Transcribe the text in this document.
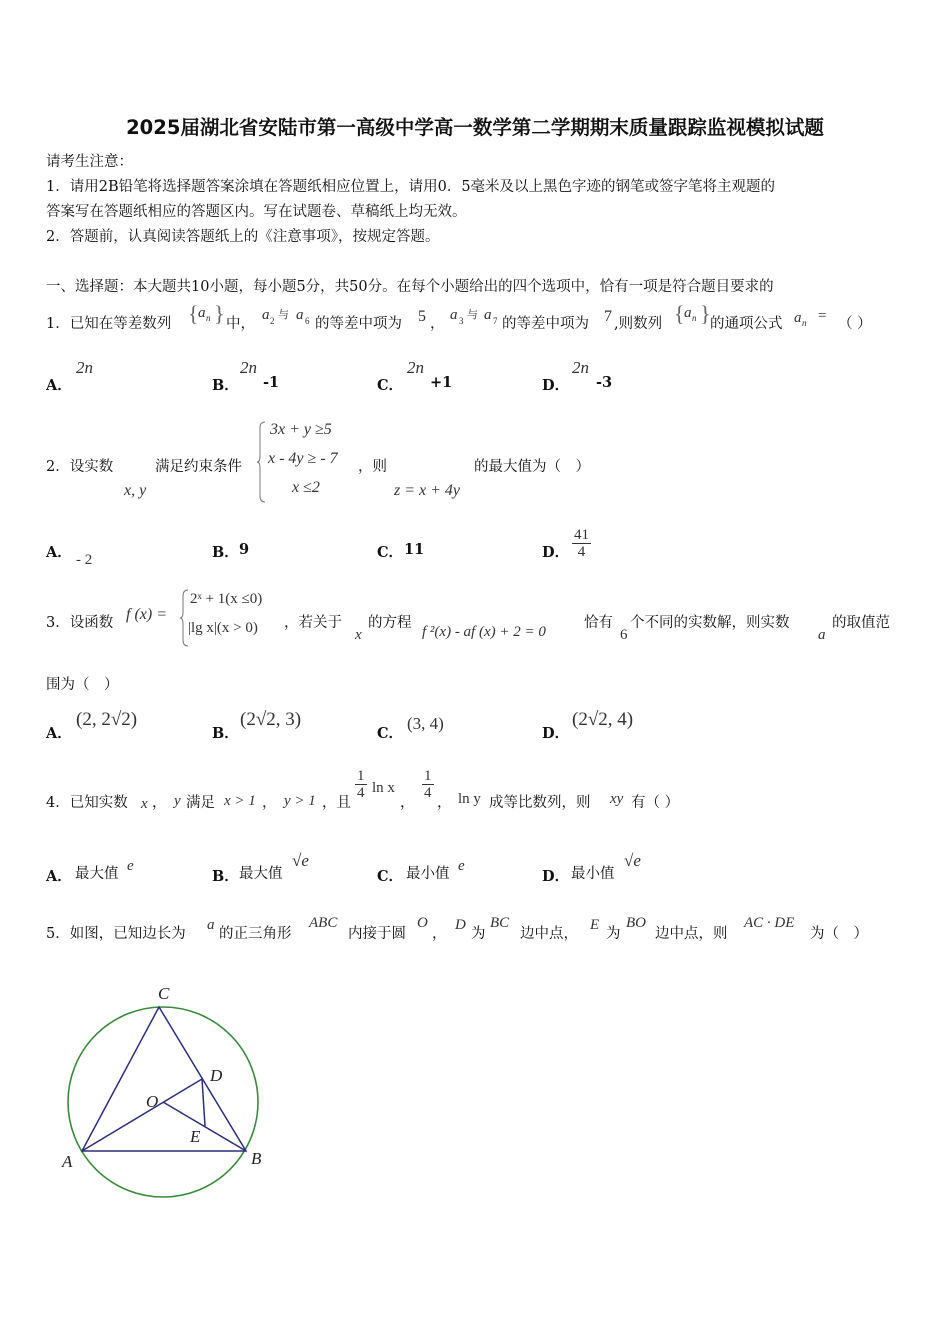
2025届湖北省安陆市第一高级中学高一数学第二学期期末质量跟踪监视模拟试题
请考生注意：
1．请用2B铅笔将选择题答案涂填在答题纸相应位置上，请用0．5毫米及以上黑色字迹的钢笔或签字笔将主观题的
答案写在答题纸相应的答题区内。写在试题卷、草稿纸上均无效。
2．答题前，认真阅读答题纸上的《注意事项》，按规定答题。
一、选择题：本大题共10小题，每小题5分，共50分。在每个小题给出的四个选项中，恰有一项是符合题目要求的
1．已知在等差数列 { a n } 中，
a 2 与 a 6 的等差中项为 5 ，
a 3 与 a 7 的等差中项为 7 ,则数列 { a n } 的通项公式 a n = （ ）
A．
2n
B．
2n
-1	C．
2n
+1	D．
2n
-3
2．设实数
x, y
满足约束条件
3x + y ≥5
x - 4y ≥ - 7
x ≤2
，则
z = x + 4y
的最大值为（　）
A． - 2	B． 9	C． 11	D． $\frac{41}{4}$
3．设函数 f (x) =
2ˣ + 1(x ≤0)
|lg x|(x > 0) ，若关于
x
的方程
f ²(x) - af (x) + 2 = 0
恰有
6
个不同的实数解，则实数
a
的取值范
围为（　）
A．
(2, 2√2)
B．
(2√2, 3)
C．
(3, 4)
D．
(2√2, 4)
4．已知实数 x ， y 满足 x > 1 ， y > 1 ，且
$\frac{1}{4}$ ln x
，
$\frac{1}{4}$
， ln y 成等比数列，则 xy 有（ ）
A． 最大值 e
B． 最大值
√e
C． 最小值 e
D． 最小值
√e
5．如图，已知边长为
a
的正三角形
ABC
内接于圆
O
，
D
为
BC
边中点，
E
为
BO
边中点，则
AC · DE
为（　）
C
A	B
D
E
O
